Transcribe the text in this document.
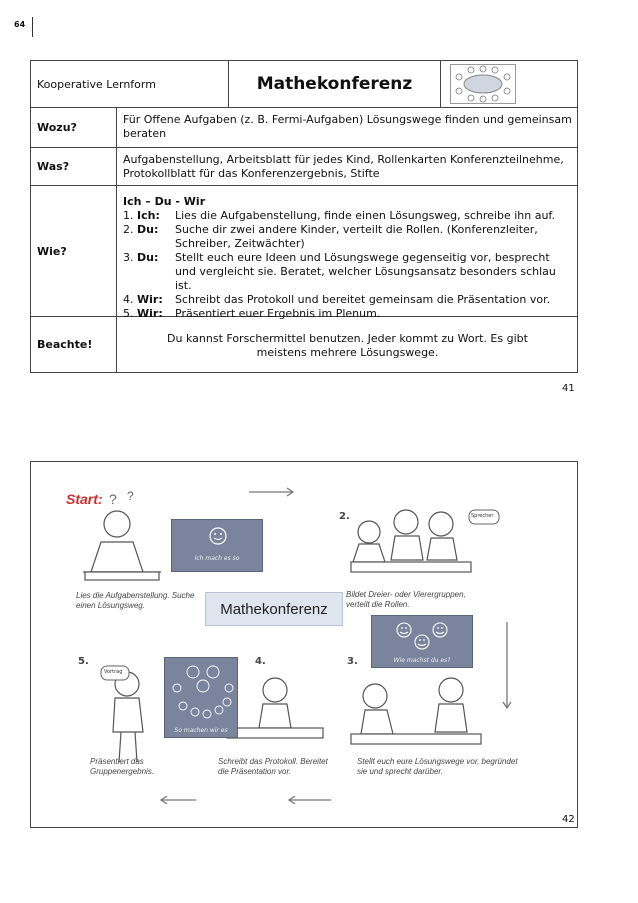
64
Kooperative Lernform	Mathekonferenz
Wozu?
Für Offene Aufgaben (z. B. Fermi-Aufgaben) Lösungswege finden und gemeinsam beraten
Was?
Aufgabenstellung, Arbeitsblatt für jedes Kind, Rollenkarten Konferenzteilnehme, Protokollblatt für das Konferenzergebnis, Stifte
Wie?
Ich – Du - Wir
1. Ich:	Lies die Aufgabenstellung, finde einen Lösungsweg, schreibe ihn auf.
2. Du:	Suche dir zwei andere Kinder, verteilt die Rollen. (Konferenzleiter,
Schreiber, Zeitwächter)
3. Du:	Stellt euch eure Ideen und Lösungswege gegenseitig vor, besprecht
und vergleicht sie. Beratet, welcher Lösungsansatz besonders schlau ist.
4. Wir:	Schreibt das Protokoll und bereitet gemeinsam die Präsentation vor.
5. Wir:	Präsentiert euer Ergebnis im Plenum.
Beachte!	Du kannst Forschermittel benutzen. Jeder kommt zu Wort. Es gibt meistens mehrere Lösungswege.
41
? ?
Start:
Sprecher
Vortrag
2.
3.
4.
5.
Lies die Aufgabenstellung. Suche einen Lösungsweg.
Bildet Dreier- oder Vierergruppen, verteilt die Rollen.
Stellt euch eure Lösungswege vor, begründet sie und sprecht darüber.
Schreibt das Protokoll. Bereitet die Präsentation vor.
Präsentiert das Gruppenergebnis.
Mathekonferenz
Ich mach es so
Wie machst du es?
So machen wir es
42
